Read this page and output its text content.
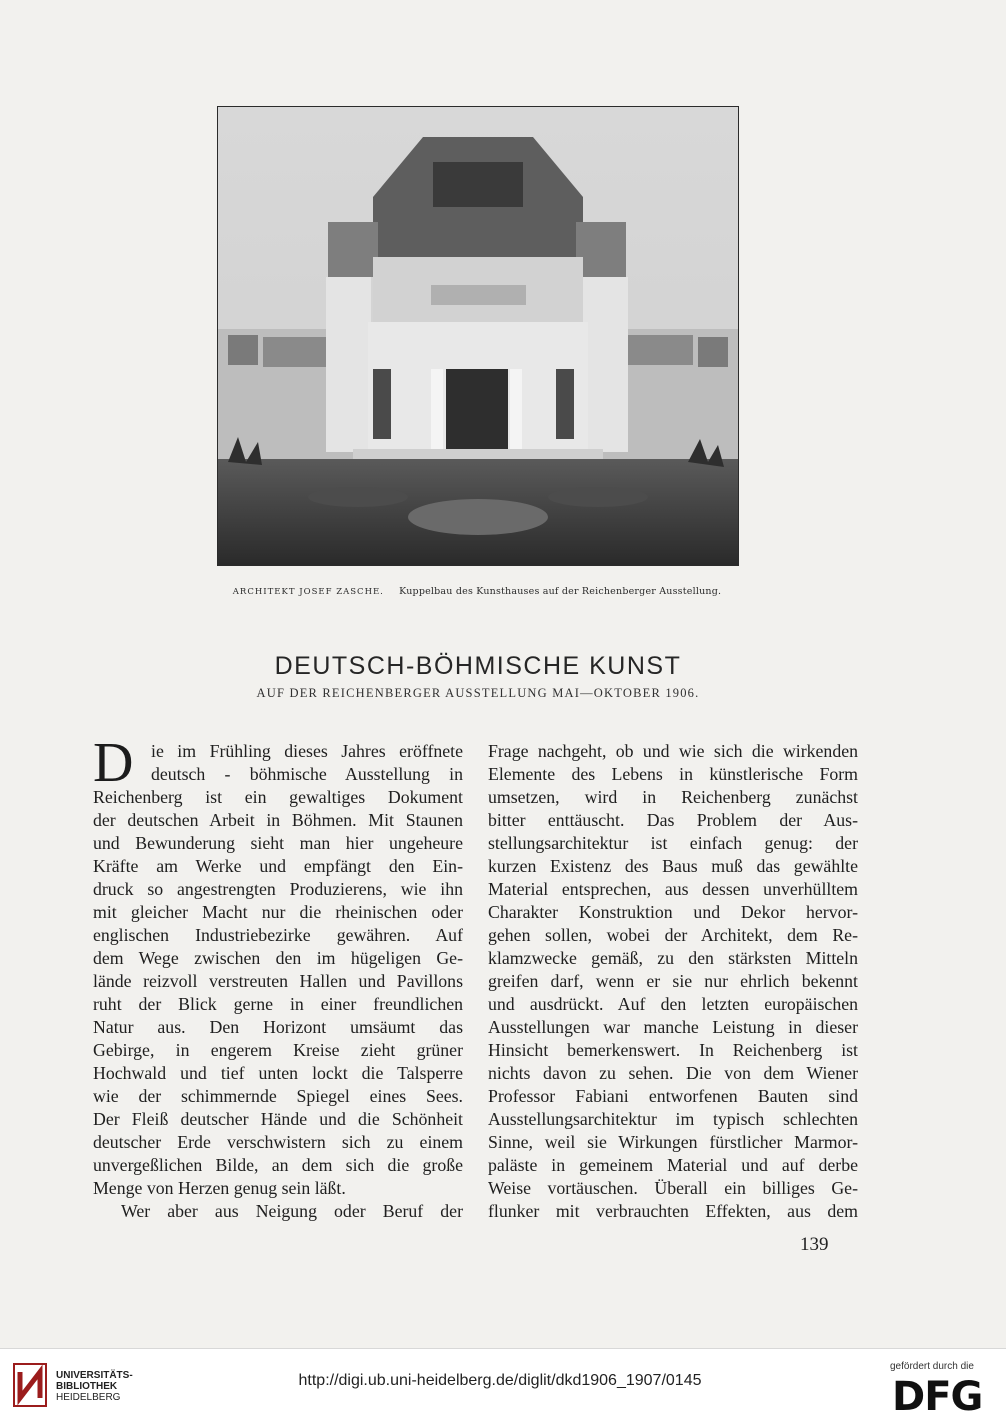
ARCHITEKT JOSEF ZASCHE. Kuppelbau des Kunsthauses auf der Reichenberger Ausstellung.
DEUTSCH-BÖHMISCHE KUNST
AUF DER REICHENBERGER AUSSTELLUNG MAI—OKTOBER 1906.
D ie im Frühling dieses Jahres eröffnete
deutsch - böhmische Ausstellung in
Reichenberg ist ein gewaltiges Dokument
der deutschen Arbeit in Böhmen. Mit Staunen
und Bewunderung sieht man hier ungeheure
Kräfte am Werke und empfängt den Ein-
druck so angestrengten Produzierens, wie ihn
mit gleicher Macht nur die rheinischen oder
englischen Industriebezirke gewähren. Auf
dem Wege zwischen den im hügeligen Ge-
lände reizvoll verstreuten Hallen und Pavillons
ruht der Blick gerne in einer freundlichen
Natur aus. Den Horizont umsäumt das
Gebirge, in engerem Kreise zieht grüner
Hochwald und tief unten lockt die Talsperre
wie der schimmernde Spiegel eines Sees.
Der Fleiß deutscher Hände und die Schönheit
deutscher Erde verschwistern sich zu einem
unvergeßlichen Bilde, an dem sich die große
Menge von Herzen genug sein läßt.
Wer aber aus Neigung oder Beruf der
Frage nachgeht, ob und wie sich die wirkenden
Elemente des Lebens in künstlerische Form
umsetzen, wird in Reichenberg zunächst
bitter enttäuscht. Das Problem der Aus-
stellungsarchitektur ist einfach genug: der
kurzen Existenz des Baus muß das gewählte
Material entsprechen, aus dessen unverhülltem
Charakter Konstruktion und Dekor hervor-
gehen sollen, wobei der Architekt, dem Re-
klamzwecke gemäß, zu den stärksten Mitteln
greifen darf, wenn er sie nur ehrlich bekennt
und ausdrückt. Auf den letzten europäischen
Ausstellungen war manche Leistung in dieser
Hinsicht bemerkenswert. In Reichenberg ist
nichts davon zu sehen. Die von dem Wiener
Professor Fabiani entworfenen Bauten sind
Ausstellungsarchitektur im typisch schlechten
Sinne, weil sie Wirkungen fürstlicher Marmor-
paläste in gemeinem Material und auf derbe
Weise vortäuschen. Überall ein billiges Ge-
flunker mit verbrauchten Effekten, aus dem
139
UNIVERSITÄTS-
BIBLIOTHEK
HEIDELBERG
http://digi.ub.uni-heidelberg.de/diglit/dkd1906_1907/0145
gefördert durch die
DFG
